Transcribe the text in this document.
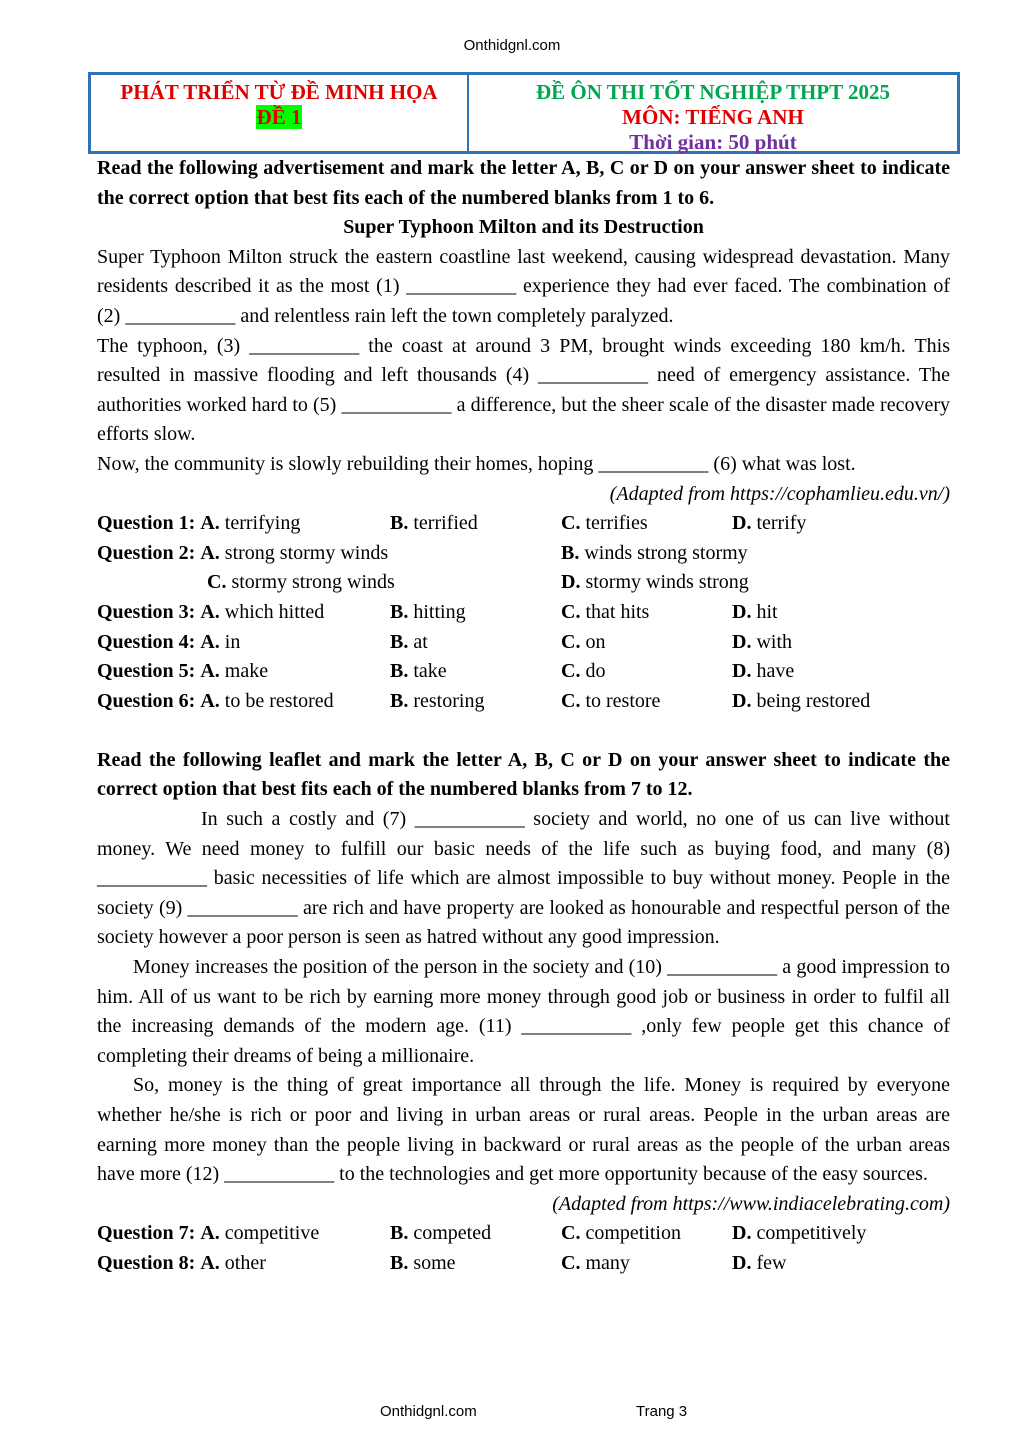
Onthidgnl.com
PHÁT TRIỂN TỪ ĐỀ MINH HỌA
ĐỀ 1
ĐỀ ÔN THI TỐT NGHIỆP THPT 2025
MÔN: TIẾNG ANH
Thời gian: 50 phút

Read the following advertisement and mark the letter A, B, C or D on your answer sheet to indicate the correct option that best fits each of the numbered blanks from 1 to 6.

Super Typhoon Milton and its Destruction

Super Typhoon Milton struck the eastern coastline last weekend, causing widespread devastation. Many residents described it as the most (1) ___________ experience they had ever faced. The combination of (2) ___________ and relentless rain left the town completely paralyzed.

The typhoon, (3) ___________ the coast at around 3 PM, brought winds exceeding 180 km/h. This resulted in massive flooding and left thousands (4) ___________ need of emergency assistance. The authorities worked hard to (5) ___________ a difference, but the sheer scale of the disaster made recovery efforts slow.

Now, the community is slowly rebuilding their homes, hoping ___________ (6) what was lost.

(Adapted from https://cophamlieu.edu.vn/)

Question 1: A. terrifying	B. terrified	C. terrifies	D. terrify
Question 2: A. strong stormy winds	B. winds strong stormy
C. stormy strong winds	D. stormy winds strong
Question 3: A. which hitted	B. hitting	C. that hits	D. hit
Question 4: A. in	B. at	C. on	D. with
Question 5: A. make	B. take	C. do	D. have
Question 6: A. to be restored	B. restoring	C. to restore	D. being restored

Read the following leaflet and mark the letter A, B, C or D on your answer sheet to indicate the correct option that best fits each of the numbered blanks from 7 to 12.

In such a costly and (7) ___________ society and world, no one of us can live without money. We need money to fulfill our basic needs of the life such as buying food, and many (8) ___________ basic necessities of life which are almost impossible to buy without money. People in the society (9) ___________ are rich and have property are looked as honourable and respectful person of the society however a poor person is seen as hatred without any good impression.

Money increases the position of the person in the society and (10) ___________ a good impression to him. All of us want to be rich by earning more money through good job or business in order to fulfil all the increasing demands of the modern age. (11) ___________ ,only few people get this chance of completing their dreams of being a millionaire.

So, money is the thing of great importance all through the life. Money is required by everyone whether he/she is rich or poor and living in urban areas or rural areas. People in the urban areas are earning more money than the people living in backward or rural areas as the people of the urban areas have more (12) ___________ to the technologies and get more opportunity because of the easy sources.

(Adapted from https://www.indiacelebrating.com)

Question 7: A. competitive	B. competed	C. competition	D. competitively
Question 8: A. other	B. some	C. many	D. few
Onthidgnl.com	Trang 3
